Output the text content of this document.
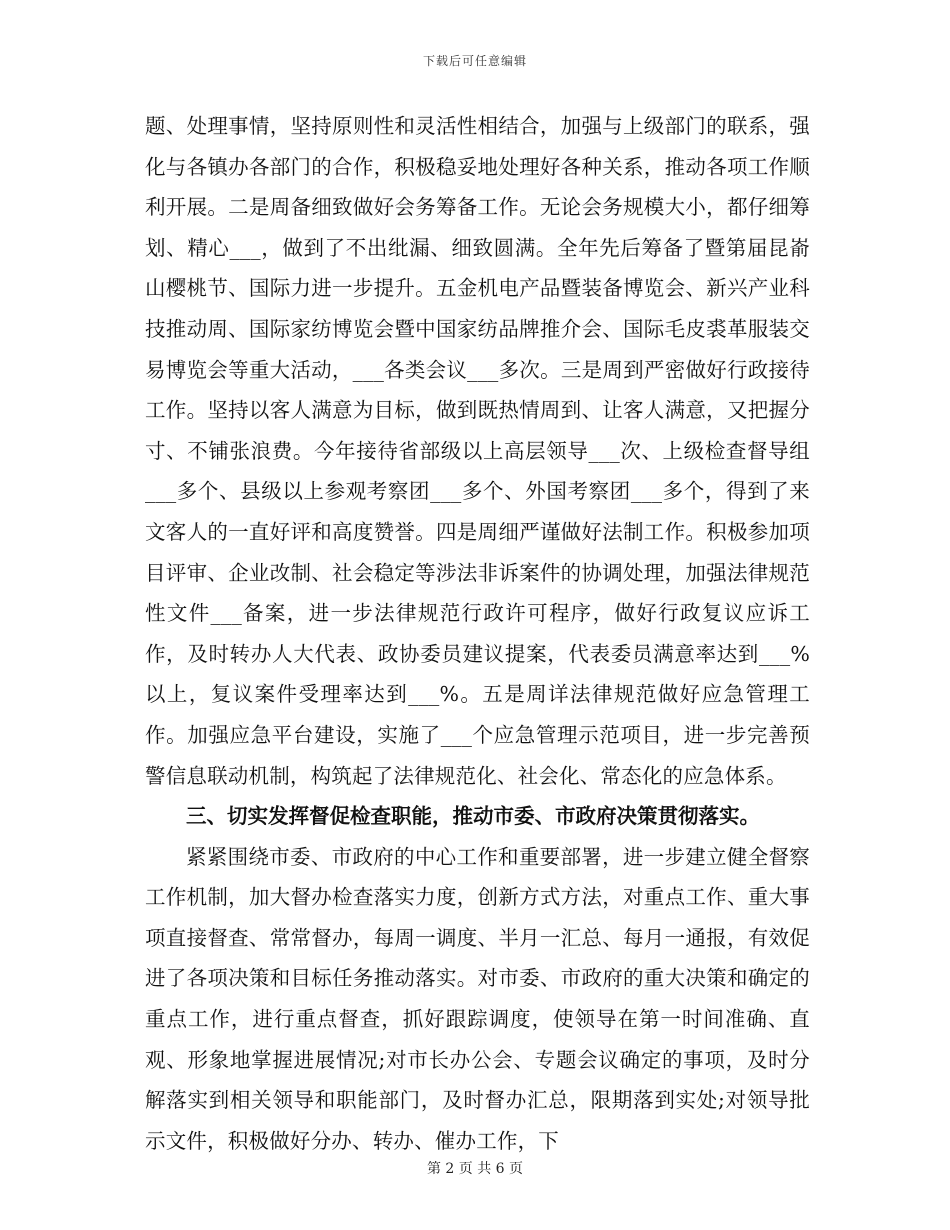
下载后可任意编辑

题、处理事情，坚持原则性和灵活性相结合，加强与上级部门的联系，强化与各镇办各部门的合作，积极稳妥地处理好各种关系，推动各项工作顺利开展。二是周备细致做好会务筹备工作。无论会务规模大小，都仔细筹划、精心___，做到了不出纰漏、细致圆满。全年先后筹备了暨第届昆嵛山樱桃节、国际力进一步提升。五金机电产品暨装备博览会、新兴产业科技推动周、国际家纺博览会暨中国家纺品牌推介会、国际毛皮裘革服装交易博览会等重大活动，___各类会议___多次。三是周到严密做好行政接待工作。坚持以客人满意为目标，做到既热情周到、让客人满意，又把握分寸、不铺张浪费。今年接待省部级以上高层领导___次、上级检查督导组___多个、县级以上参观考察团___多个、外国考察团___多个，得到了来文客人的一直好评和高度赞誉。四是周细严谨做好法制工作。积极参加项目评审、企业改制、社会稳定等涉法非诉案件的协调处理，加强法律规范性文件___备案，进一步法律规范行政许可程序，做好行政复议应诉工作，及时转办人大代表、政协委员建议提案，代表委员满意率达到___%以上，复议案件受理率达到___%。五是周详法律规范做好应急管理工作。加强应急平台建设，实施了___个应急管理示范项目，进一步完善预警信息联动机制，构筑起了法律规范化、社会化、常态化的应急体系。

三、切实发挥督促检查职能，推动市委、市政府决策贯彻落实。

紧紧围绕市委、市政府的中心工作和重要部署，进一步建立健全督察工作机制，加大督办检查落实力度，创新方式方法，对重点工作、重大事项直接督查、常常督办，每周一调度、半月一汇总、每月一通报，有效促进了各项决策和目标任务推动落实。对市委、市政府的重大决策和确定的重点工作，进行重点督查，抓好跟踪调度，使领导在第一时间准确、直观、形象地掌握进展情况;对市长办公会、专题会议确定的事项，及时分解落实到相关领导和职能部门，及时督办汇总，限期落到实处;对领导批示文件，积极做好分办、转办、催办工作，下

第 2 页 共 6 页
